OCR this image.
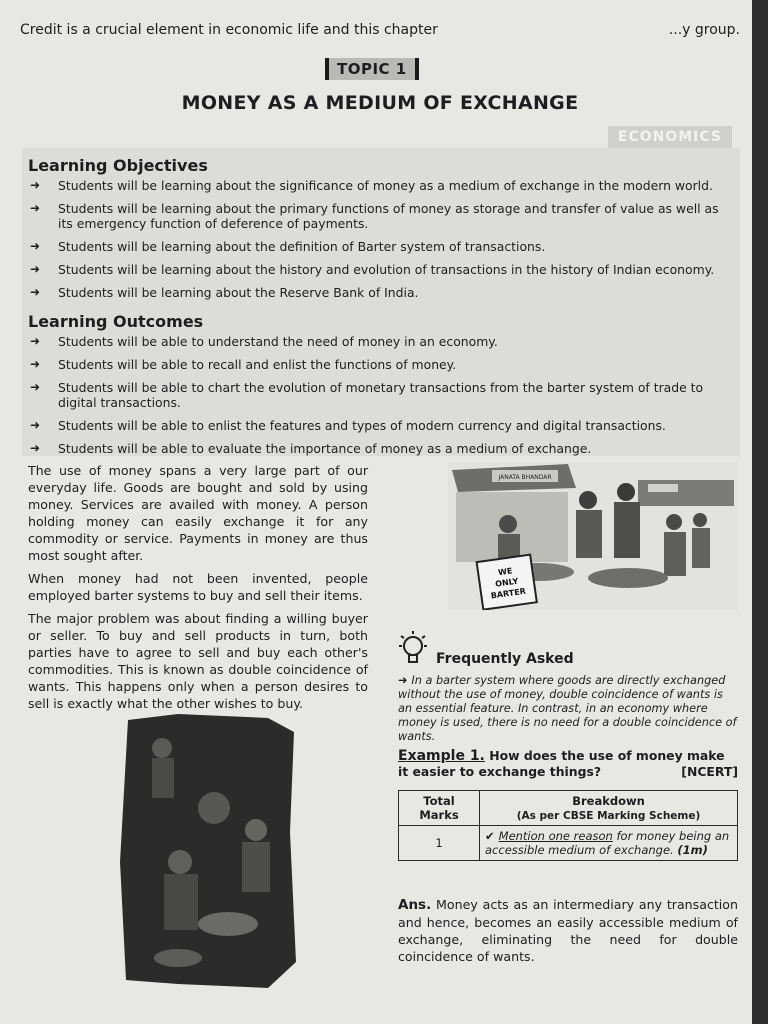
Credit is a crucial element in economic life and this chapter	...y group.
TOPIC 1
MONEY AS A MEDIUM OF EXCHANGE
ECONOMICS
Learning Objectives
➜ Students will be learning about the significance of money as a medium of exchange in the modern world.
➜ Students will be learning about the primary functions of money as storage and transfer of value as well as its emergency function of deference of payments.
➜ Students will be learning about the definition of Barter system of transactions.
➜ Students will be learning about the history and evolution of transactions in the history of Indian economy.
➜ Students will be learning about the Reserve Bank of India.
Learning Outcomes
➜ Students will be able to understand the need of money in an economy.
➜ Students will be able to recall and enlist the functions of money.
➜ Students will be able to chart the evolution of monetary transactions from the barter system of trade to digital transactions.
➜ Students will be able to enlist the features and types of modern currency and digital transactions.
➜ Students will be able to evaluate the importance of money as a medium of exchange.

The use of money spans a very large part of our everyday life. Goods are bought and sold by using money. Services are availed with money. A person holding money can easily exchange it for any commodity or service. Payments in money are thus most sought after.

When money had not been invented, people employed barter systems to buy and sell their items.

The major problem was about finding a willing buyer or seller. To buy and sell products in turn, both parties have to agree to sell and buy each other's commodities. This is known as double coincidence of wants. This happens only when a person desires to sell is exactly what the other wishes to buy.

JANATA BHANDAR
WE
ONLY
BARTER
Frequently Asked
➜ In a barter system where goods are directly exchanged without the use of money, double coincidence of wants is an essential feature. In contrast, in an economy where money is used, there is no need for a double coincidence of wants.
Example 1. How does the use of money make it easier to exchange things?	[NCERT]
Total Marks	Breakdown
(As per CBSE Marking Scheme)
1	✔ Mention one reason for money being an accessible medium of exchange. (1m)
Ans. Money acts as an intermediary any transaction and hence, becomes an easily accessible medium of exchange, eliminating the need for double coincidence of wants.
